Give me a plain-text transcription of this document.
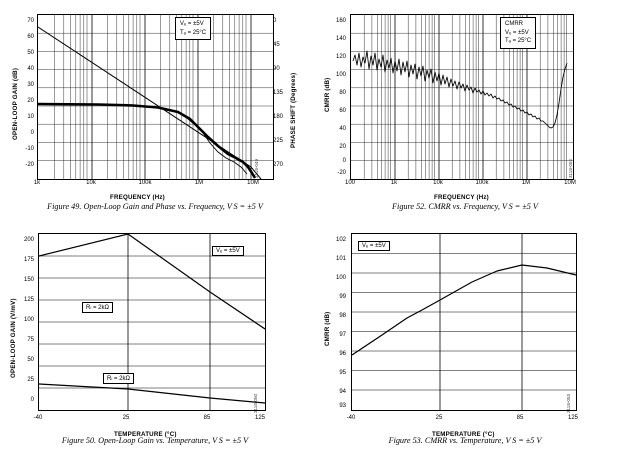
OPEN-LOOP GAIN (dB)	PHASE SHIFT (Degrees)
FREQUENCY (Hz)
70
60
50
40
30
20
10
0
-10
-20
0
45
90
135
180
225
270
1k	10k	100k	1M	10M
Vₑ = ±5V
Tₐ = 25°C
3118-049
Figure 49. Open-Loop Gain and Phase vs. Frequency, V S = ±5 V
CMRR (dB)
FREQUENCY (Hz)
160
140
120
100
80
60
40
20
0
-20
100	1k	10k	100k	1M	10M
CMRR
Vₑ = ±5V
Tₐ = 25°C
3118-052
Figure 52. CMRR vs. Frequency, V S = ±5 V
OPEN-LOOP GAIN (V/mV)
TEMPERATURE (°C)
200
175
150
125
100
75
50
25
0
-40	25	85	125
Vₑ = ±5V
Rₗ = 2kΩ
Rₗ = 2kΩ
3118-050
Figure 50. Open-Loop Gain vs. Temperature, V S = ±5 V
CMRR (dB)
TEMPERATURE (°C)
102
101
100
99
98
97
96
95
94
93
-40	25	85	125
Vₑ = ±5V
3118-053
Figure 53. CMRR vs. Temperature, V S = ±5 V
